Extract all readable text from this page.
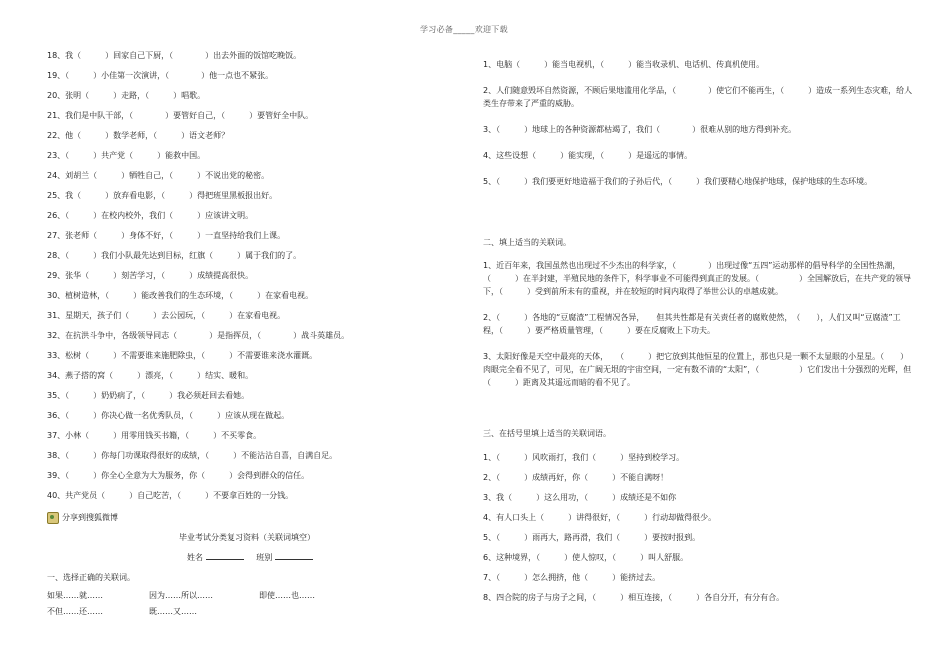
学习必备_____欢迎下载
18、我（　　　）回家自己下厨，（　　　　）出去外面的饭馆吃晚饭。
19、（　　　）小佳第一次演讲，（　　　　）他一点也不紧张。
20、张明（　　　）走路，（　　　）唱歌。
21、我们是中队干部，（　　　　）要管好自己，（　　　）要管好全中队。
22、他（　　　）数学老师，（　　　）语文老师？
23、（　　　）共产党（　　　）能救中国。
24、刘胡兰（　　　）牺牲自己，（　　　）不说出党的秘密。
25、我（　　　）放弃看电影，（　　　）得把班里黑板报出好。
26、（　　　）在校内校外，我们（　　　）应该讲文明。
27、张老师（　　　）身体不好，（　　　）一直坚持给我们上课。
28、（　　　）我们小队最先达到目标，红旗（　　　）属于我们的了。
29、张华（　　　）刻苦学习，（　　　）成绩提高很快。
30、植树造林，（　　　）能改善我们的生态环境，（　　　）在家看电视。
31、星期天，孩子们（　　　）去公园玩，（　　　）在家看电视。
32、在抗洪斗争中，各级领导同志（　　　　）是指挥员，（　　　　）战斗英雄员。
33、松树（　　　）不需要谁来施肥除虫，（　　　）不需要谁来浇水灌溉。
34、燕子搭的窝（　　　）漂亮，（　　　）结实、暖和。
35、（　　　）奶奶病了，（　　　）我必须赶回去看她。
36、（　　　）你决心做一名优秀队员，（　　　）应该从现在做起。
37、小林（　　　）用零用钱买书籍，（　　　）不买零食。
38、（　　　）你每门功课取得很好的成绩，（　　　）不能沾沾自喜，自满自足。
39、（　　　）你全心全意为大为服务，你（　　　）会得到群众的信任。
40、共产党员（　　　）自己吃苦，（　　　）不要拿百姓的一分钱。
分享到搜狐微博
毕业考试分类复习资料（关联词填空）
姓名	班别
一、选择正确的关联词。
如果……就……	因为……所以……	即使……也……
不但……还……	既……又……
1、电脑（　　　）能当电视机，（　　　）能当收录机、电话机、传真机使用。
2、人们随意毁坏自然资源，不顾后果地滥用化学品，（　　　　）使它们不能再生，（　　　）造成一系列生态灾难，给人类生存带来了严重的威胁。
3、（　　　）地球上的各种资源都枯竭了，我们（　　　　）很难从别的地方得到补充。
4、这些设想（　　　）能实现，（　　　）是遥远的事情。
5、（　　　）我们要更好地造福于我们的子孙后代，（　　　）我们要精心地保护地球，保护地球的生态环境。
二、填上适当的关联词。
1、近百年来，我国虽然也出现过不少杰出的科学家，（　　　　）出现过像“五四”运动那样的倡导科学的全国性热潮，（　　　）在半封建，半殖民地的条件下，科学事业不可能得到真正的发展。（　　　　　）全国解放后，在共产党的领导下，（　　　）受到前所未有的重视，并在较短的时间内取得了举世公认的卓越成就。
2、（　　　）各地的“豆腐渣”工程情况各异，　　但其共性都是有关责任者的腐败使然，　（　　），人们又叫“豆腐渣”工程，（　　　）要严格质量管理，（　　　）要在反腐败上下功夫。
3、太阳好像是天空中最亮的天体，　　（　　　）把它放到其他恒星的位置上，那也只是一颗不太显眼的小星星。（　　）肉眼完全看不见了，可见，在广阔无垠的宇宙空间，一定有数不清的“太阳”，（　　　　　）它们发出十分强烈的光辉，但（　　　）距离及其遥远而暗的看不见了。
三、在括号里填上适当的关联词语。
1、（　　　）风吹雨打，我们（　　　）坚持到校学习。
2、（　　　）成绩再好，你（　　　）不能自满呀！
3、我（　　　）这么用功，（　　　）成绩还是不如你
4、有人口头上（　　　）讲得很好，（　　　）行动却做得很少。
5、（　　　）雨再大，路再滑，我们（　　　）要按时报到。
6、这种境界，（　　　）使人惊叹，（　　　）叫人舒服。
7、（　　　）怎么拥挤，他（　　　）能挤过去。
8、四合院的房子与房子之间，（　　　）相互连接，（　　　）各自分开，有分有合。
